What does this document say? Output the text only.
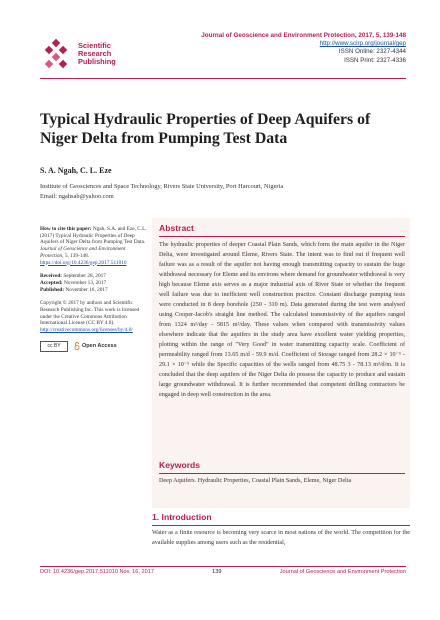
Scientific
Research
Publishing
Journal of Geoscience and Environment Protection, 2017, 5, 139-148
http://www.scirp.org/journal/gep
ISSN Online: 2327-4344
ISSN Print: 2327-4336
Typical Hydraulic Properties of Deep Aquifers of Niger Delta from Pumping Test Data
S. A. Ngah, C. L. Eze
Institute of Geosciences and Space Technology, Rivers State University, Port Harcourt, Nigeria
Email: ngahsab@yahoo.com

How to cite this paper: Ngah, S.A. and Eze, C.L. (2017) Typical Hydraulic Properties of Deep Aquifers of Niger Delta from Pumping Test Data. Journal of Geoscience and Environment Protection, 5, 139-148. https://doi.org/10.4236/gep.2017.511010

Received: September 28, 2017
Accepted: November 13, 2017
Published: November 16, 2017

Copyright © 2017 by authors and Scientific Research Publishing Inc. This work is licensed under the Creative Commons Attribution International License (CC BY 4.0).
http://creativecommons.org/licenses/by/4.0/

cc BY	Open Access
Abstract
The hydraulic properties of deeper Coastal Plain Sands, which form the main aquifer in the Niger Delta, were investigated around Eleme, Rivers State. The intent was to find out if frequent well failure was as a result of the aquifer not having enough transmitting capacity to sustain the huge withdrawal necessary for Eleme and its environs where demand for groundwater withdrawal is very high because Eleme axis serves as a major industrial axis of River State or whether the frequent well failure was due to inefficient well construction practice. Constant discharge pumping tests were conducted in 8 deep borehole (250 - 310 m). Data generated during the test were analysed using Cooper-Jacob's straight line method. The calculated transmissivity of the aquifers ranged from 1324 m²/day - 5815 m²/day. These values when compared with transmissivity values elsewhere indicate that the aquifers in the study area have excellent water yielding properties, plotting within the range of "Very Good" in water transmitting capacity scale. Coefficient of permeability ranged from 13.65 m/d - 59.9 m/d. Coefficient of Storage ranged from 28.2 × 10⁻⁵ - 29.1 × 10⁻⁵ while the Specific capacities of the wells ranged from 48.75 3 - 78.13 m³/d/m. It is concluded that the deep aquifers of the Niger Delta do possess the capacity to produce and sustain large groundwater withdrawal. It is further recommended that competent drilling contractors be engaged in deep well construction in the area.
Keywords
Deep Aquifers. Hydraulic Properties, Coastal Plain Sands, Eleme, Niger Delta
1. Introduction
Water as a finite resource is becoming very scarce in most nations of the world. The competition for the available supplies among users such as the residential,
DOI: 10.4236/gep.2017.511010 Nov. 16, 2017	139	Journal of Geoscience and Environment Protection
